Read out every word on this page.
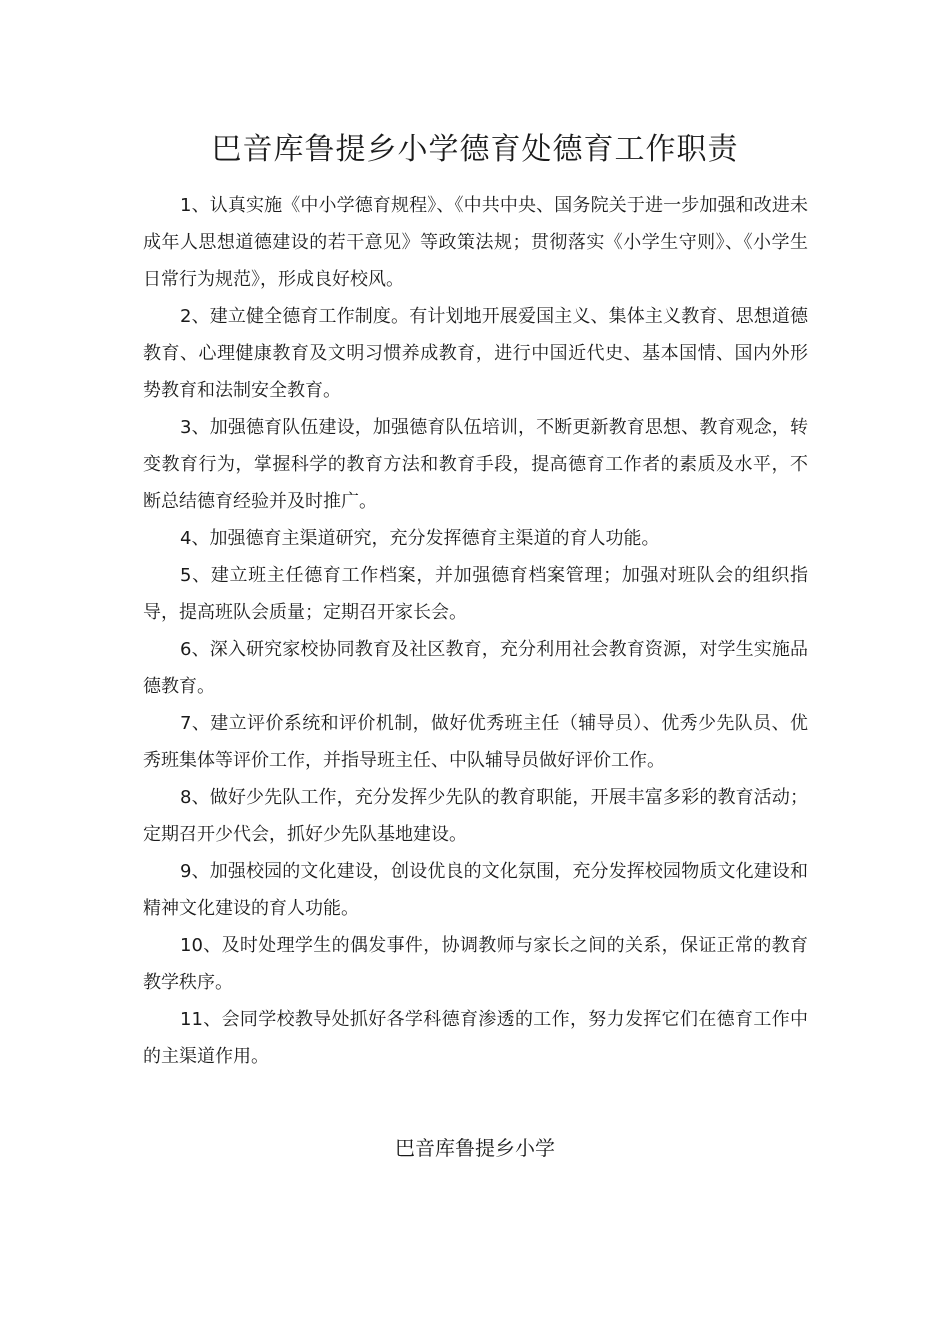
巴音库鲁提乡小学德育处德育工作职责

1、认真实施《中小学德育规程》、《中共中央、国务院关于进一步加强和改进未成年人思想道德建设的若干意见》等政策法规；贯彻落实《小学生守则》、《小学生日常行为规范》，形成良好校风。

2、建立健全德育工作制度。有计划地开展爱国主义、集体主义教育、思想道德教育、心理健康教育及文明习惯养成教育，进行中国近代史、基本国情、国内外形势教育和法制安全教育。

3、加强德育队伍建设，加强德育队伍培训，不断更新教育思想、教育观念，转变教育行为，掌握科学的教育方法和教育手段，提高德育工作者的素质及水平，不断总结德育经验并及时推广。

4、加强德育主渠道研究，充分发挥德育主渠道的育人功能。

5、建立班主任德育工作档案，并加强德育档案管理；加强对班队会的组织指导，提高班队会质量；定期召开家长会。

6、深入研究家校协同教育及社区教育，充分利用社会教育资源，对学生实施品德教育。

7、建立评价系统和评价机制，做好优秀班主任（辅导员）、优秀少先队员、优秀班集体等评价工作，并指导班主任、中队辅导员做好评价工作。

8、做好少先队工作，充分发挥少先队的教育职能，开展丰富多彩的教育活动；定期召开少代会，抓好少先队基地建设。

9、加强校园的文化建设，创设优良的文化氛围，充分发挥校园物质文化建设和精神文化建设的育人功能。

10、及时处理学生的偶发事件，协调教师与家长之间的关系，保证正常的教育教学秩序。

11、会同学校教导处抓好各学科德育渗透的工作，努力发挥它们在德育工作中的主渠道作用。

巴音库鲁提乡小学
